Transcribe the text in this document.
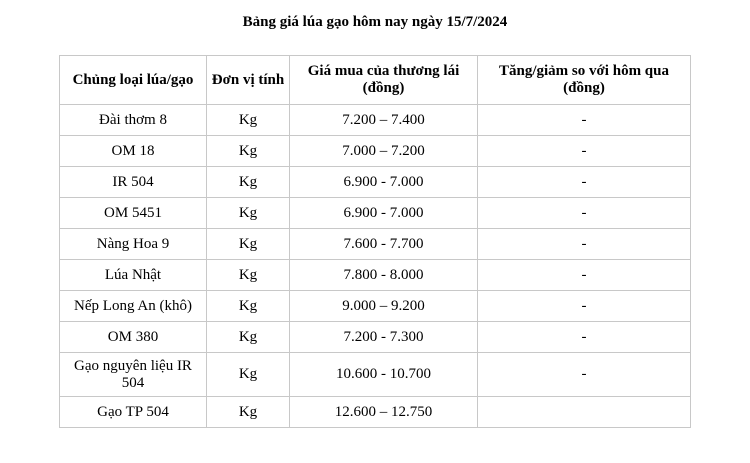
Bảng giá lúa gạo hôm nay ngày 15/7/2024
Chủng loại lúa/gạo	Đơn vị tính	Giá mua của thương lái (đồng)	Tăng/giảm so với hôm qua (đồng)
Đài thơm 8	Kg	7.200 – 7.400	-
OM 18	Kg	7.000 – 7.200	-
IR 504	Kg	6.900 - 7.000	-
OM 5451	Kg	6.900 - 7.000	-
Nàng Hoa 9	Kg	7.600 - 7.700	-
Lúa Nhật	Kg	7.800 - 8.000	-
Nếp Long An (khô)	Kg	9.000 – 9.200	-
OM 380	Kg	7.200 - 7.300	-
Gạo nguyên liệu IR 504	Kg	10.600 - 10.700	-
Gạo TP 504	Kg	12.600 – 12.750	
